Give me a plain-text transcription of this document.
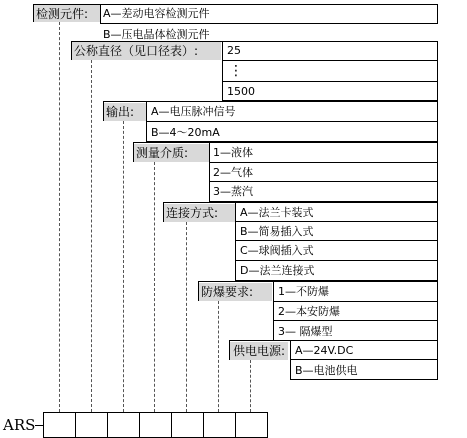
检测元件:	A—差动电容检测元件
B—压电晶体检测元件
公称直径（见口径表）:	25
⋮
1500
输出:	A—电压脉冲信号
B—4～20mA
测量介质:	1—液体
2—气体
3—蒸汽
连接方式:	A—法兰卡装式
B—简易插入式
C—球阀插入式
D—法兰连接式
防爆要求:	1—不防爆
2—本安防爆
3— 隔爆型
供电电源: A—24V.DC
B—电池供电
ARS
